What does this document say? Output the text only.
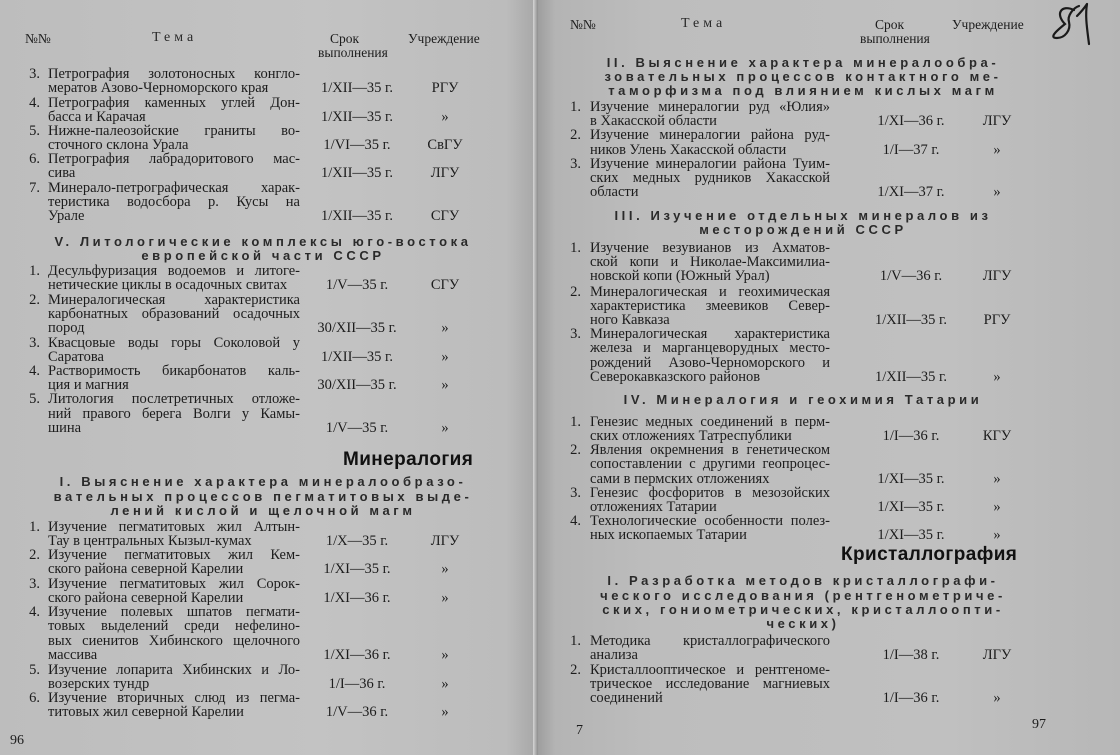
№№	Тема	Срок
выполнения
Учреждение
3. Петрография золотоносных конгло-
мератов Азово-Черноморского края	1/XII—35 г.	РГУ
4. Петрография каменных углей Дон-
басса и Карачая	1/XII—35 г.	»
5. Нижне-палеозойские граниты во-
сточного склона Урала	1/VI—35 г.	СвГУ
6. Петрография лабрадоритового мас-
сива	1/XII—35 г.	ЛГУ
7. Минерало-петрографическая харак-
теристика водосбора р. Кусы на
Урале	1/XII—35 г.	СГУ
V. Литологические комплексы юго-востока
европейской части СССР
1. Десульфуризация водоемов и литоге-
нетические циклы в осадочных свитах	1/V—35 г.	СГУ
2. Минералогическая характеристика
карбонатных образований осадочных
пород	30/XII—35 г.	»
3. Квасцовые воды горы Соколовой у
Саратова	1/XII—35 г.	»
4. Растворимость бикарбонатов каль-
ция и магния	30/XII—35 г.	»
5. Литология послетретичных отложе-
ний правого берега Волги у Камы-
шина	1/V—35 г.	»
Минералогия
I. Выяснение характера минералообразо-
вательных процессов пегматитовых выде-
лений кислой и щелочной магм
1. Изучение пегматитовых жил Алтын-
Тау в центральных Кызыл-кумах	1/X—35 г.	ЛГУ
2. Изучение пегматитовых жил Кем-
ского района северной Карелии	1/XI—35 г.	»
3. Изучение пегматитовых жил Сорок-
ского района северной Карелии	1/XI—36 г.	»
4. Изучение полевых шпатов пегмати-
товых выделений среди нефелино-
вых сиенитов Хибинского щелочного
массива	1/XI—36 г.	»
5. Изучение лопарита Хибинских и Ло-
возерских тундр	1/I—36 г.	»
6. Изучение вторичных слюд из пегма-
титовых жил северной Карелии	1/V—36 г.	»
96
№№	Тема	Срок
выполнения
Учреждение
II. Выяснение характера минералообра-
зовательных процессов контактного ме-
таморфизма под влиянием кислых магм
1. Изучение минералогии руд «Юлия»
в Хакасской области	1/XI—36 г.	ЛГУ
2. Изучение минералогии района руд-
ников Улень Хакасской области	1/I—37 г.	»
3. Изучение минералогии района Туим-
ских медных рудников Хакасской
области	1/XI—37 г.	»
III. Изучение отдельных минералов из
месторождений СССР
1. Изучение везувианов из Ахматов-
ской копи и Николае-Максимилиа-
новской копи (Южный Урал)	1/V—36 г.	ЛГУ
2. Минералогическая и геохимическая
характеристика змеевиков Север-
ного Кавказа	1/XII—35 г.	РГУ
3. Минералогическая характеристика
железа и марганцеворудных место-
рождений Азово-Черноморского и
Северокавказского районов	1/XII—35 г.	»
IV. Минералогия и геохимия Татарии
1. Генезис медных соединений в перм-
ских отложениях Татреспублики	1/I—36 г.	КГУ
2. Явления окремнения в генетическом
сопоставлении с другими геопроцес-
сами в пермских отложениях	1/XI—35 г.	»
3. Генезис фосфоритов в мезозойских
отложениях Татарии	1/XI—35 г.	»
4. Технологические особенности полез-
ных ископаемых Татарии	1/XI—35 г.	»
Кристаллография
I. Разработка методов кристаллографи-
ческого исследования (рентгенометриче-
ских, гониометрических, кристаллоопти-
ческих)
1. Методика кристаллографического
анализа	1/I—38 г.	ЛГУ
2. Кристаллооптическое и рентгеноме-
трическое исследование магниевых
соединений	1/I—36 г.	»
7	97
